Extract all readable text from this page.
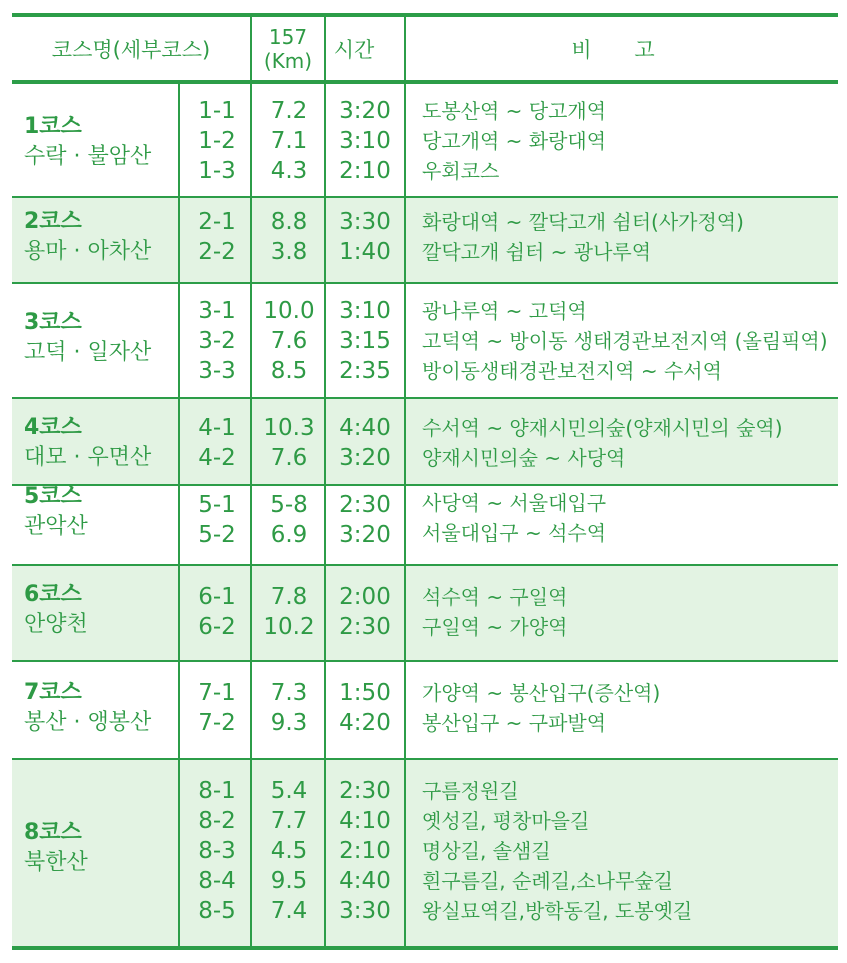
코스명(세부코스)
157
(Km) 시간	비 고
1코스
수락 · 불암산
1-1
1-2
1-3
7.2
7.1
4.3
3:20
3:10
2:10
도봉산역 ~ 당고개역
당고개역 ~ 화랑대역
우회코스
2코스
용마 · 아차산
2-1
2-2
8.8
3.8
3:30
1:40
화랑대역 ~ 깔닥고개 쉼터(사가정역)
깔닥고개 쉼터 ~ 광나루역
3코스
고덕 · 일자산
3-1
3-2
3-3
10.0
7.6
8.5
3:10
3:15
2:35
광나루역 ~ 고덕역
고덕역 ~ 방이동 생태경관보전지역 (올림픽역)
방이동생태경관보전지역 ~ 수서역
4코스
대모 · 우면산
4-1
4-2
10.3
7.6
4:40
3:20
수서역 ~ 양재시민의숲(양재시민의 숲역)
양재시민의숲 ~ 사당역
5코스
관악산
5-1
5-2
5-8
6.9
2:30
3:20
사당역 ~ 서울대입구
서울대입구 ~ 석수역
6코스
안양천
6-1
6-2
7.8
10.2
2:00
2:30
석수역 ~ 구일역
구일역 ~ 가양역
7코스
봉산 · 앵봉산
7-1
7-2
7.3
9.3
1:50
4:20
가양역 ~ 봉산입구(증산역)
봉산입구 ~ 구파발역
8코스
북한산
8-1
8-2
8-3
8-4
8-5
5.4
7.7
4.5
9.5
7.4
2:30
4:10
2:10
4:40
3:30
구름정원길
옛성길, 평창마을길
명상길, 솔샘길
흰구름길, 순례길,소나무숲길
왕실묘역길,방학동길, 도봉옛길
